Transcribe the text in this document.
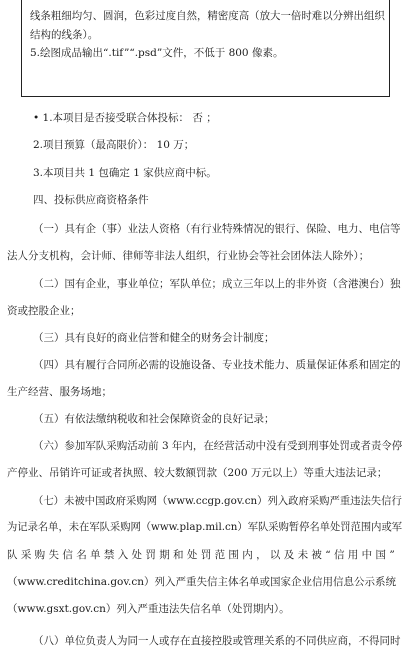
线条粗细均匀、圆润，色彩过度自然，精密度高（放大一倍时难以分辨出组织

结构的线条）。

5.绘图成品输出“.tif”“.psd”文件，不低于 800 像素。

• 1.本项目是否接受联合体投标： 否 ；

2.项目预算（最高限价）： 10 万；

3.本项目共 1 包确定 1 家供应商中标。

四、投标供应商资格条件

（一）具有企（事）业法人资格（有行业特殊情况的银行、保险、电力、电信等

法人分支机构，会计师、律师等非法人组织，行业协会等社会团体法人除外）；

（二）国有企业，事业单位；军队单位；成立三年以上的非外资（含港澳台）独

资或控股企业；

（三）具有良好的商业信誉和健全的财务会计制度；

（四）具有履行合同所必需的设施设备、专业技术能力、质量保证体系和固定的

生产经营、服务场地；

（五）有依法缴纳税收和社会保障资金的良好记录；

（六）参加军队采购活动前 3 年内，在经营活动中没有受到刑事处罚或者责令停

产停业、吊销许可证或者执照、较大数额罚款（200 万元以上）等重大违法记录；

（七）未被中国政府采购网（www.ccgp.gov.cn）列入政府采购严重违法失信行

为记录名单，未在军队采购网（www.plap.mil.cn）军队采购暂停名单处罚范围内或军

队 采 购 失 信 名 单 禁 入 处 罚 期 和 处 罚 范 围 内 ， 以 及 未 被 “ 信 用 中 国 ”

（www.creditchina.gov.cn）列入严重失信主体名单或国家企业信用信息公示系统

（www.gsxt.gov.cn）列入严重违法失信名单（处罚期内）。

（八）单位负责人为同一人或存在直接控股或管理关系的不同供应商，不得同时
